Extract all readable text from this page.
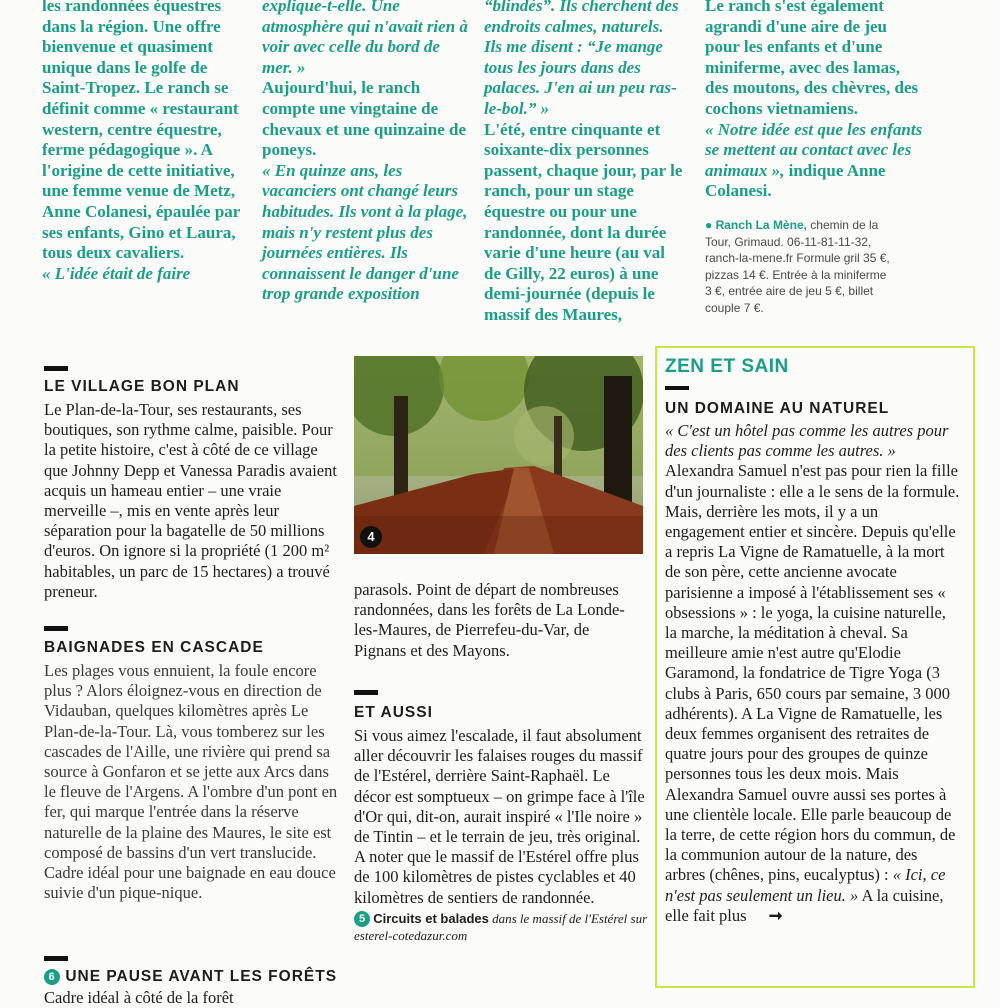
les randonnées équestres dans la région. Une offre bienvenue et quasiment unique dans le golfe de Saint-Tropez. Le ranch se définit comme « restaurant western, centre équestre, ferme pédagogique ». A l'origine de cette initiative, une femme venue de Metz, Anne Colanesi, épaulée par ses enfants, Gino et Laura, tous deux cavaliers.

« L'idée était de faire

explique-t-elle. Une atmosphère qui n'avait rien à voir avec celle du bord de mer. »

Aujourd'hui, le ranch compte une vingtaine de chevaux et une quinzaine de poneys.

« En quinze ans, les vacanciers ont changé leurs habitudes. Ils vont à la plage, mais n'y restent plus des journées entières. Ils connaissent le danger d'une trop grande exposition

“blindés”. Ils cherchent des endroits calmes, naturels. Ils me disent : “Je mange tous les jours dans des palaces. J'en ai un peu ras-le-bol.” »

L'été, entre cinquante et soixante-dix personnes passent, chaque jour, par le ranch, pour un stage équestre ou pour une randonnée, dont la durée varie d'une heure (au val de Gilly, 22 euros) à une demi-journée (depuis le massif des Maures,

Le ranch s'est également agrandi d'une aire de jeu pour les enfants et d'une miniferme, avec des lamas, des moutons, des chèvres, des cochons vietnamiens.

« Notre idée est que les enfants se mettent au contact avec les animaux », indique Anne Colanesi.

● Ranch La Mène, chemin de la Tour, Grimaud. 06-11-81-11-32, ranch-la-mene.fr Formule gril 35 €, pizzas 14 €. Entrée à la miniferme 3 €, entrée aire de jeu 5 €, billet couple 7 €.
LE VILLAGE BON PLAN

Le Plan-de-la-Tour, ses restaurants, ses boutiques, son rythme calme, paisible. Pour la petite histoire, c'est à côté de ce village que Johnny Depp et Vanessa Paradis avaient acquis un hameau entier – une vraie merveille –, mis en vente après leur séparation pour la bagatelle de 50 millions d'euros. On ignore si la propriété (1 200 m² habitables, un parc de 15 hectares) a trouvé preneur.

BAIGNADES EN CASCADE

Les plages vous ennuient, la foule encore plus ? Alors éloignez-vous en direction de Vidauban, quelques kilomètres après Le Plan-de-la-Tour. Là, vous tomberez sur les cascades de l'Aille, une rivière qui prend sa source à Gonfaron et se jette aux Arcs dans le fleuve de l'Argens. A l'ombre d'un pont en fer, qui marque l'entrée dans la réserve naturelle de la plaine des Maures, le site est composé de bassins d'un vert translucide. Cadre idéal pour une baignade en eau douce suivie d'un pique-nique.

6 UNE PAUSE AVANT LES FORÊTS

Cadre idéal à côté de la forêt

4
parasols. Point de départ de nombreuses randonnées, dans les forêts de La Londe-les-Maures, de Pierrefeu-du-Var, de Pignans et des Mayons.
ET AUSSI

Si vous aimez l'escalade, il faut absolument aller découvrir les falaises rouges du massif de l'Estérel, derrière Saint-Raphaël. Le décor est somptueux – on grimpe face à l'île d'Or qui, dit-on, aurait inspiré « l'Ile noire » de Tintin – et le terrain de jeu, très original. A noter que le massif de l'Estérel offre plus de 100 kilomètres de pistes cyclables et 40 kilomètres de sentiers de randonnée.

5 Circuits et balades dans le massif de l'Estérel sur esterel-cotedazur.com

ZEN ET SAIN
UN DOMAINE AU NATUREL

« C'est un hôtel pas comme les autres pour des clients pas comme les autres. »

Alexandra Samuel n'est pas pour rien la fille d'un journaliste : elle a le sens de la formule. Mais, derrière les mots, il y a un engagement entier et sincère. Depuis qu'elle a repris La Vigne de Ramatuelle, à la mort de son père, cette ancienne avocate parisienne a imposé à l'établissement ses « obsessions » : le yoga, la cuisine naturelle, la marche, la méditation à cheval. Sa meilleure amie n'est autre qu'Elodie Garamond, la fondatrice de Tigre Yoga (3 clubs à Paris, 650 cours par semaine, 3 000 adhérents). A La Vigne de Ramatuelle, les deux femmes organisent des retraites de quatre jours pour des groupes de quinze personnes tous les deux mois. Mais Alexandra Samuel ouvre aussi ses portes à une clientèle locale. Elle parle beaucoup de la terre, de cette région hors du commun, de la communion autour de la nature, des arbres (chênes, pins, eucalyptus) : « Ici, ce n'est pas seulement un lieu. » A la cuisine, elle fait plus ➞
